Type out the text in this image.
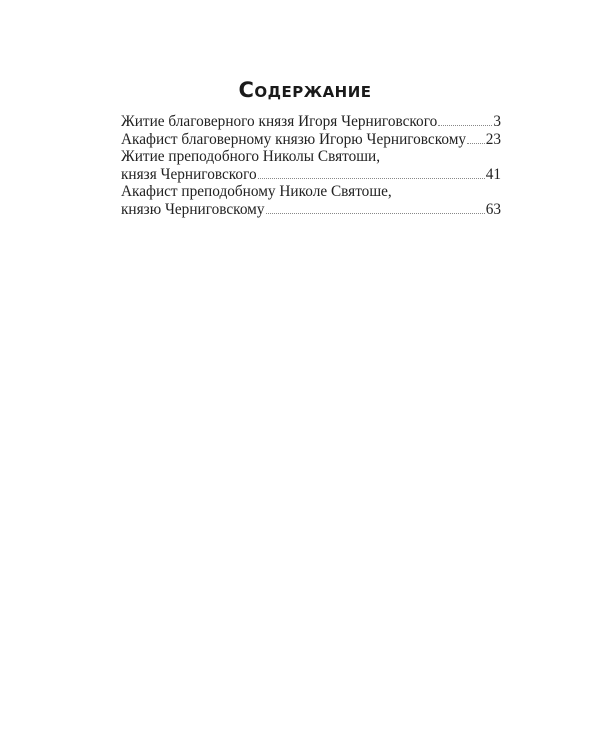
Содержание
Житие благоверного князя Игоря Черниговского	3
Акафист благоверному князю Игорю Черниговскому 23
Житие преподобного Николы Святоши,
князя Черниговского	41
Акафист преподобному Николе Святоше,
князю Черниговскому	63
